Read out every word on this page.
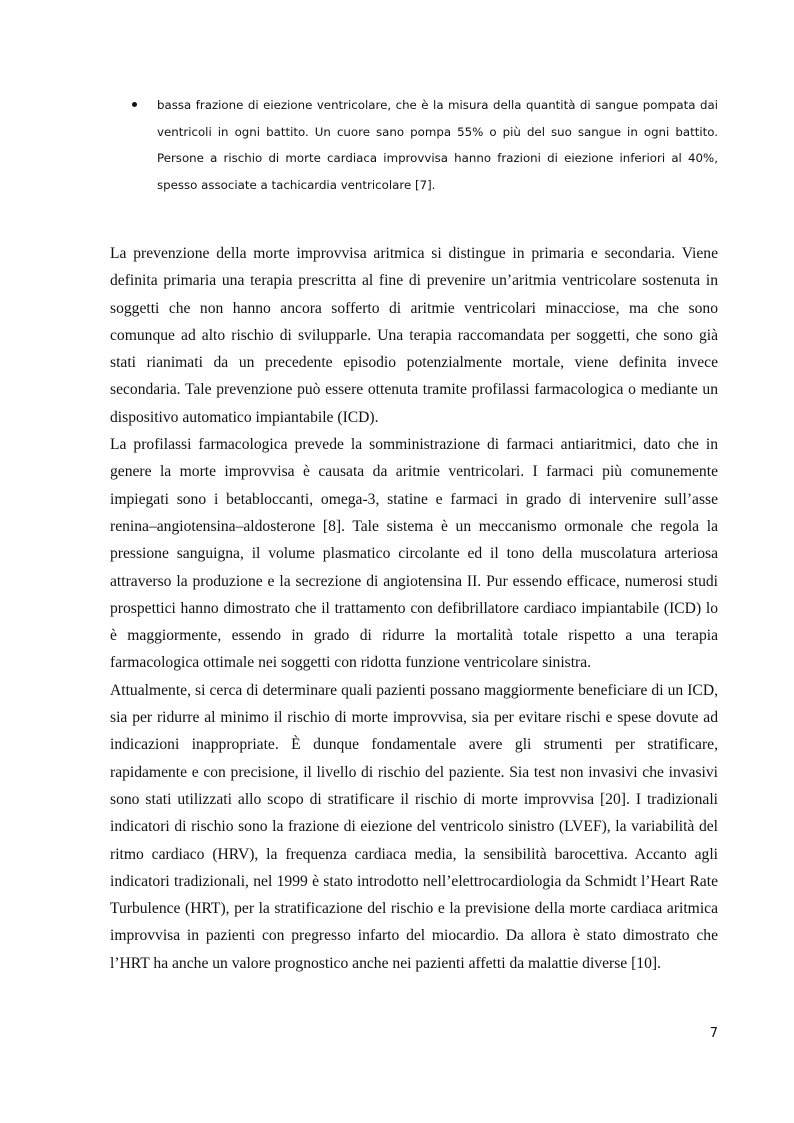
bassa frazione di eiezione ventricolare, che è la misura della quantità di sangue pompata dai ventricoli in ogni battito. Un cuore sano pompa 55% o più del suo sangue in ogni battito. Persone a rischio di morte cardiaca improvvisa hanno frazioni di eiezione inferiori al 40%, spesso associate a tachicardia ventricolare [7].

La prevenzione della morte improvvisa aritmica si distingue in primaria e secondaria. Viene definita primaria una terapia prescritta al fine di prevenire un’aritmia ventricolare sostenuta in soggetti che non hanno ancora sofferto di aritmie ventricolari minacciose, ma che sono comunque ad alto rischio di svilupparle. Una terapia raccomandata per soggetti, che sono già stati rianimati da un precedente episodio potenzialmente mortale, viene definita invece secondaria. Tale prevenzione può essere ottenuta tramite profilassi farmacologica o mediante un dispositivo automatico impiantabile (ICD).

La profilassi farmacologica prevede la somministrazione di farmaci antiaritmici, dato che in genere la morte improvvisa è causata da aritmie ventricolari. I farmaci più comunemente impiegati sono i betabloccanti, omega-3, statine e farmaci in grado di intervenire sull’asse renina–angiotensina–aldosterone [8]. Tale sistema è un meccanismo ormonale che regola la pressione sanguigna, il volume plasmatico circolante ed il tono della muscolatura arteriosa attraverso la produzione e la secrezione di angiotensina II. Pur essendo efficace, numerosi studi prospettici hanno dimostrato che il trattamento con defibrillatore cardiaco impiantabile (ICD) lo è maggiormente, essendo in grado di ridurre la mortalità totale rispetto a una terapia farmacologica ottimale nei soggetti con ridotta funzione ventricolare sinistra.

Attualmente, si cerca di determinare quali pazienti possano maggiormente beneficiare di un ICD, sia per ridurre al minimo il rischio di morte improvvisa, sia per evitare rischi e spese dovute ad indicazioni inappropriate. È dunque fondamentale avere gli strumenti per stratificare, rapidamente e con precisione, il livello di rischio del paziente. Sia test non invasivi che invasivi sono stati utilizzati allo scopo di stratificare il rischio di morte improvvisa [20]. I tradizionali indicatori di rischio sono la frazione di eiezione del ventricolo sinistro (LVEF), la variabilità del ritmo cardiaco (HRV), la frequenza cardiaca media, la sensibilità barocettiva. Accanto agli indicatori tradizionali, nel 1999 è stato introdotto nell’elettrocardiologia da Schmidt l’Heart Rate Turbulence (HRT), per la stratificazione del rischio e la previsione della morte cardiaca aritmica improvvisa in pazienti con pregresso infarto del miocardio. Da allora è stato dimostrato che l’HRT ha anche un valore prognostico anche nei pazienti affetti da malattie diverse [10].

7
